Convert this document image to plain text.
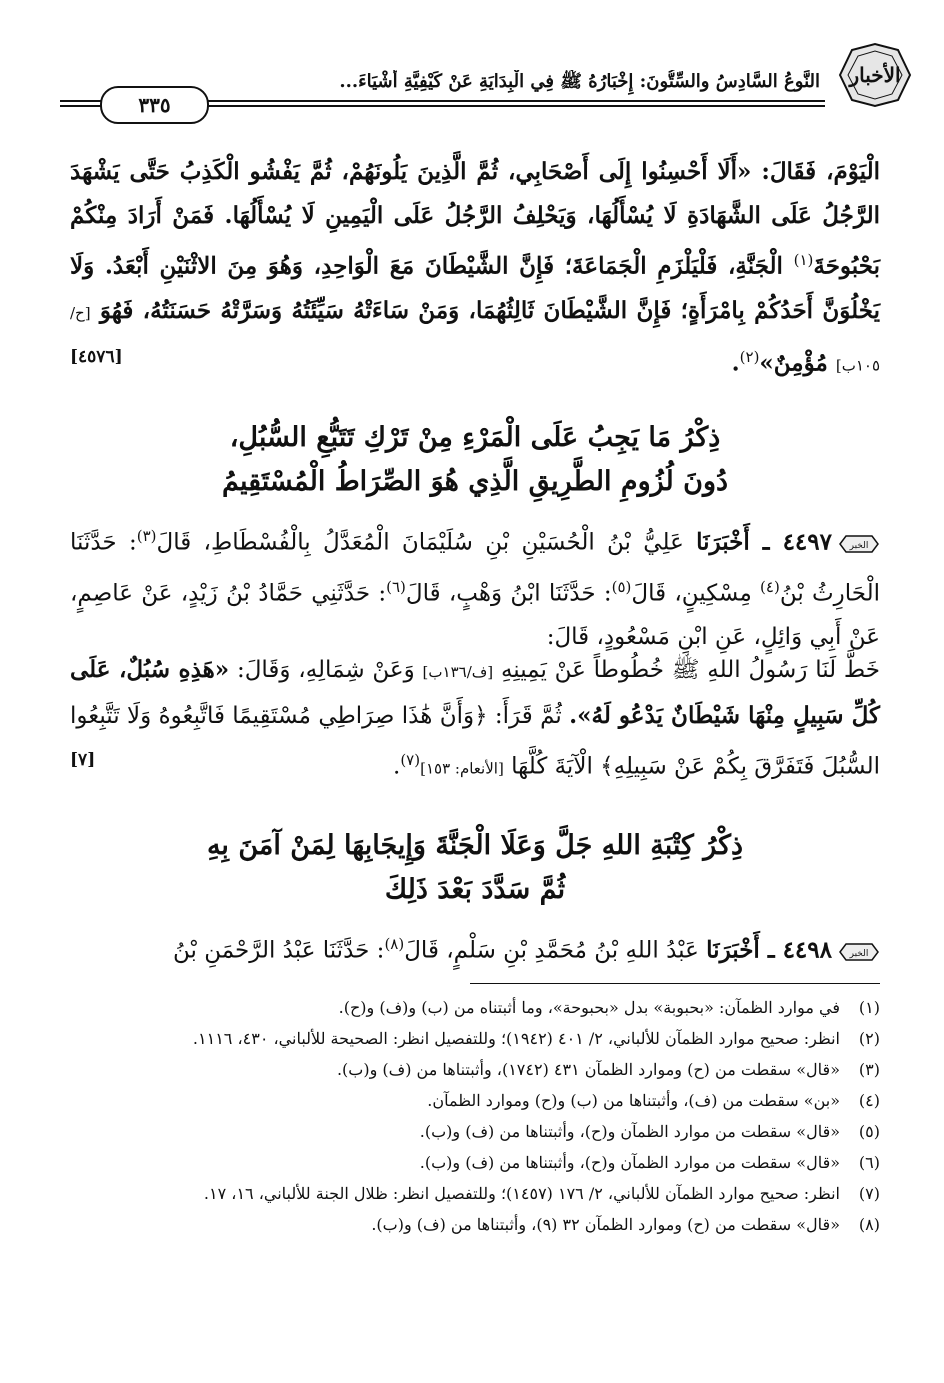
الأخبار
النَّوعُ السَّادِسُ والسِّتُّونَ: إِخْبَارُهُ ﷺ فِي الْبِدَايَةِ عَنْ كَيْفِيَّةِ أَشْيَاءَ...
٣٣٥
الْيَوْمَ، فَقَالَ: «أَلَا أَحْسِنُوا إِلَى أَصْحَابِي، ثُمَّ الَّذِينَ يَلُونَهُمْ، ثُمَّ يَفْشُو الْكَذِبُ حَتَّى يَشْهَدَ الرَّجُلُ عَلَى الشَّهَادَةِ لَا يُسْأَلُهَا، وَيَحْلِفُ الرَّجُلُ عَلَى الْيَمِينِ لَا يُسْأَلُهَا. فَمَنْ أَرَادَ مِنْكُمْ بَحْبُوحَةَ$^{(١)}$ الْجَنَّةِ، فَلْيَلْزَمِ الْجَمَاعَةَ؛ فَإِنَّ الشَّيْطَانَ مَعَ الْوَاحِدِ، وَهُوَ مِنَ الاثْنَيْنِ أَبْعَدُ. وَلَا يَخْلُوَنَّ أَحَدُكُمْ بِامْرَأَةٍ؛ فَإِنَّ الشَّيْطَانَ ثَالِثُهُمَا، وَمَنْ سَاءَتْهُ سَيِّئَتُهُ وَسَرَّتْهُ حَسَنَتُهُ، فَهُوَ [ح/١٠٥ب] مُؤْمِنٌ»$^{(٢)}$.
[٤٥٧٦]
ذِكْرُ مَا يَجِبُ عَلَى الْمَرْءِ مِنْ تَرْكِ تَتَبُّعِ السُّبُلِ،
دُونَ لُزُومِ الطَّرِيقِ الَّذِي هُوَ الصِّرَاطُ الْمُسْتَقِيمُ
الخبر
٤٤٩٧ ـ أَخْبَرَنَا عَلِيُّ بْنُ الْحُسَيْنِ بْنِ سُلَيْمَانَ الْمُعَدَّلُ بِالْفُسْطَاطِ، قَالَ$^{(٣)}$: حَدَّثَنَا الْحَارِثُ بْنُ$^{(٤)}$ مِسْكِينٍ، قَالَ$^{(٥)}$: حَدَّثَنَا ابْنُ وَهْبٍ، قَالَ$^{(٦)}$: حَدَّثَنِي حَمَّادُ بْنُ زَيْدٍ، عَنْ عَاصِمٍ، عَنْ أَبِي وَائِلٍ، عَنِ ابْنِ مَسْعُودٍ، قَالَ:
خَطَّ لَنَا رَسُولُ اللهِ ﷺ خُطُوطاً عَنْ يَمِينِهِ [ف/١٣٦ب] وَعَنْ شِمَالِهِ، وَقَالَ: «هَذِهِ سُبُلٌ، عَلَى كُلِّ سَبِيلٍ مِنْهَا شَيْطَانٌ يَدْعُو لَهُ». ثُمَّ قَرَأَ: ﴿وَأَنَّ هَٰذَا صِرَاطِي مُسْتَقِيمًا فَاتَّبِعُوهُ وَلَا تَتَّبِعُوا السُّبُلَ فَتَفَرَّقَ بِكُمْ عَنْ سَبِيلِهِ﴾ الْآيَةَ كُلَّهَا [الأنعام: ١٥٣]$^{(٧)}$.
[٧]
ذِكْرُ كِتْبَةِ اللهِ جَلَّ وَعَلَا الْجَنَّةَ وَإِيجَابِهَا لِمَنْ آمَنَ بِهِ
ثُمَّ سَدَّدَ بَعْدَ ذَلِكَ
الخبر
٤٤٩٨ ـ أَخْبَرَنَا عَبْدُ اللهِ بْنُ مُحَمَّدِ بْنِ سَلْمٍ، قَالَ$^{(٨)}$: حَدَّثَنَا عَبْدُ الرَّحْمَنِ بْنُ
(١)
في موارد الظمآن: «بحبوبة» بدل «بحبوحة»، وما أثبتناه من (ب) و(ف) و(ح).
(٢)
انظر: صحيح موارد الظمآن للألباني، ٢/ ٤٠١ (١٩٤٢)؛ وللتفصيل انظر: الصحيحة للألباني، ٤٣٠، ١١١٦.
(٣)
«قال» سقطت من (ح) وموارد الظمآن ٤٣١ (١٧٤٢)، وأثبتناها من (ف) و(ب).
(٤)
«بن» سقطت من (ف)، وأثبتناها من (ب) و(ح) وموارد الظمآن.
(٥)
«قال» سقطت من موارد الظمآن و(ح)، وأثبتناها من (ف) و(ب).
(٦)
«قال» سقطت من موارد الظمآن و(ح)، وأثبتناها من (ف) و(ب).
(٧)
انظر: صحيح موارد الظمآن للألباني، ٢/ ١٧٦ (١٤٥٧)؛ وللتفصيل انظر: ظلال الجنة للألباني، ١٦، ١٧.
(٨)
«قال» سقطت من (ح) وموارد الظمآن ٣٢ (٩)، وأثبتناها من (ف) و(ب).
